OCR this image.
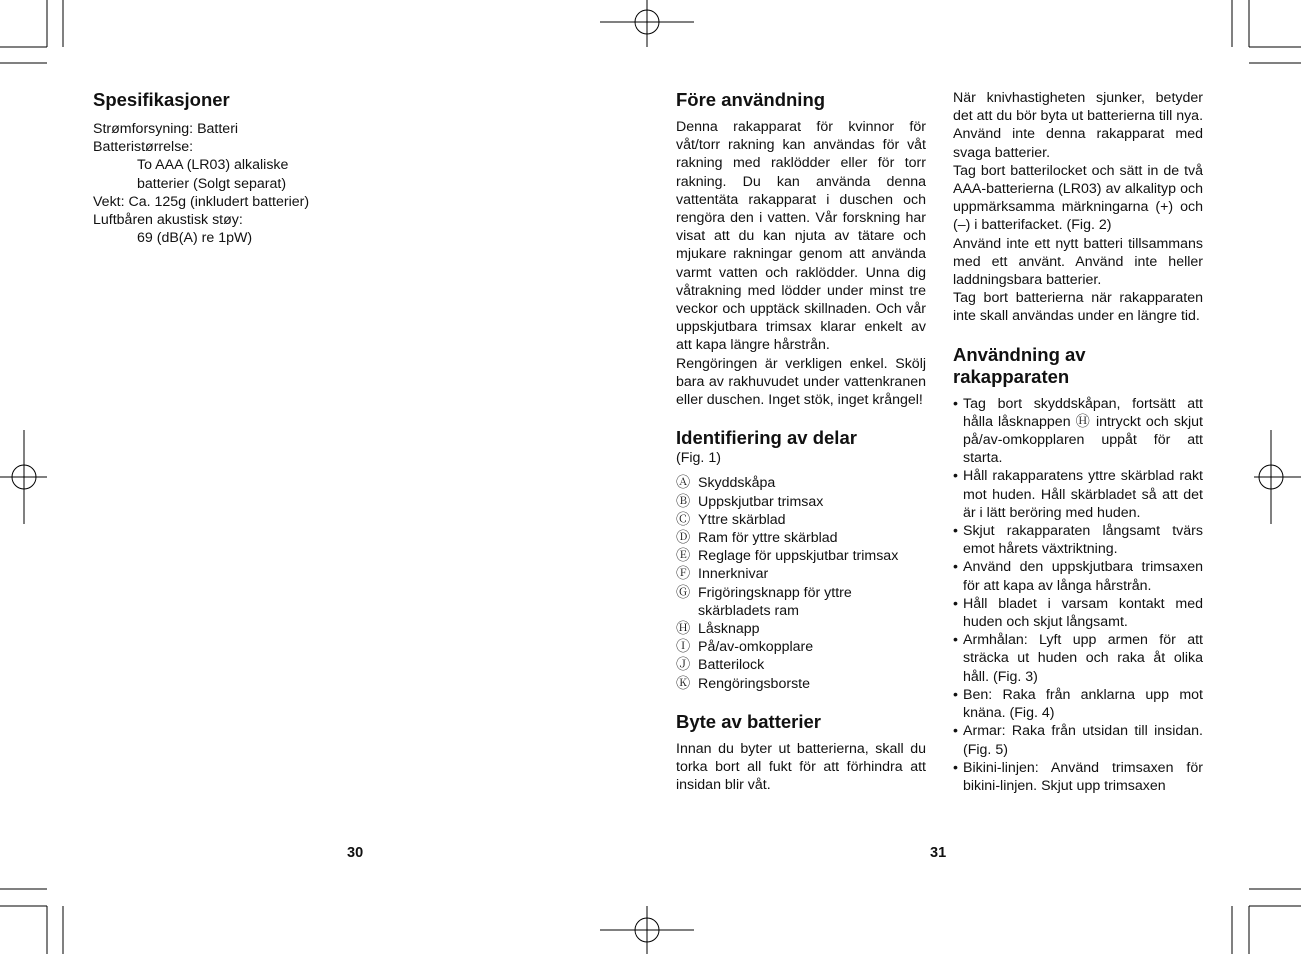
Spesifikasjoner
Strømforsyning: Batteri
Batteristørrelse:
To AAA (LR03) alkaliske
batterier (Solgt separat)
Vekt: Ca. 125g (inkludert batterier)
Luftbåren akustisk støy:
69 (dB(A) re 1pW)
30
Före användning

Denna rakapparat för kvinnor för våt/torr rakning kan användas för våt rakning med raklödder eller för torr rakning. Du kan använda denna vattentäta rakapparat i duschen och rengöra den i vatten. Vår forskning har visat att du kan njuta av tätare och mjukare rakningar genom att använda varmt vatten och raklödder. Unna dig våtrakning med lödder under minst tre veckor och upptäck skillnaden. Och vår uppskjutbara trimsax klarar enkelt av att kapa längre hårstrån.

Rengöringen är verkligen enkel. Skölj bara av rakhuvudet under vattenkranen eller duschen. Inget stök, inget krångel!

Identifiering av delar
(Fig. 1)
Ⓐ Skyddskåpa
Ⓑ Uppskjutbar trimsax
Ⓒ Yttre skärblad
Ⓓ Ram för yttre skärblad
Ⓔ Reglage för uppskjutbar trimsax
Ⓕ Innerknivar
Ⓖ Frigöringsknapp för yttre skärbladets ram
Ⓗ Låsknapp
Ⓘ På/av-omkopplare
Ⓙ Batterilock
Ⓚ Rengöringsborste
Byte av batterier

Innan du byter ut batterierna, skall du torka bort all fukt för att förhindra att insidan blir våt.

31

När knivhastigheten sjunker, betyder det att du bör byta ut batterierna till nya. Använd inte denna rakapparat med svaga batterier.

Tag bort batterilocket och sätt in de två AAA-batterierna (LR03) av alkalityp och uppmärksamma märkningarna (+) och (–) i batterifacket. (Fig. 2)

Använd inte ett nytt batteri tillsammans med ett använt. Använd inte heller laddningsbara batterier.

Tag bort batterierna när rakapparaten inte skall användas under en längre tid.

Användning av
rakapparaten
• Tag bort skyddskåpan, fortsätt att hålla låsknappen Ⓗ intryckt och skjut på/av-omkopplaren uppåt för att starta.
• Håll rakapparatens yttre skärblad rakt mot huden. Håll skärbladet så att det är i lätt beröring med huden.
• Skjut rakapparaten långsamt tvärs emot hårets växtriktning.
• Använd den uppskjutbara trimsaxen för att kapa av långa hårstrån.
• Håll bladet i varsam kontakt med huden och skjut långsamt.
• Armhålan: Lyft upp armen för att sträcka ut huden och raka åt olika håll. (Fig. 3)
• Ben: Raka från anklarna upp mot knäna. (Fig. 4)
• Armar: Raka från utsidan till insidan. (Fig. 5)
• Bikini-linjen: Använd trimsaxen för bikini-linjen. Skjut upp trimsaxen
